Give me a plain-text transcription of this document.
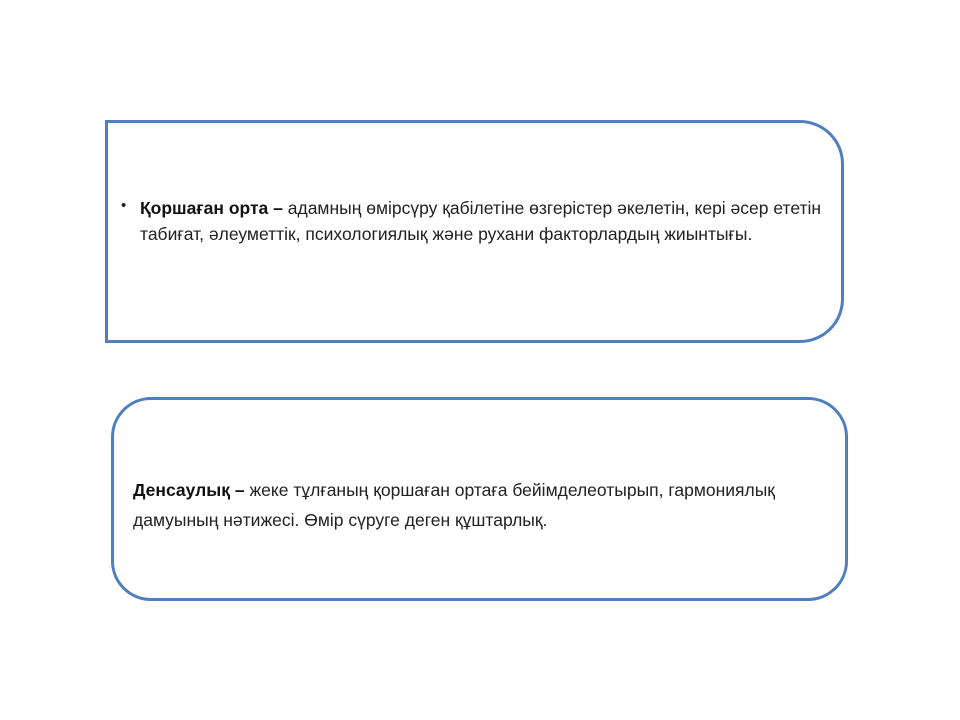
• Қоршаған орта – адамның өмірсүру қабілетіне өзгерістер әкелетін, кері әсер ететін табиғат, әлеуметтік, психологиялық және рухани факторлардың жиынтығы.
Денсаулық – жеке тұлғаның қоршаған ортаға бейімделеотырып, гармониялық дамуының нәтижесі. Өмір сүруге деген құштарлық.
